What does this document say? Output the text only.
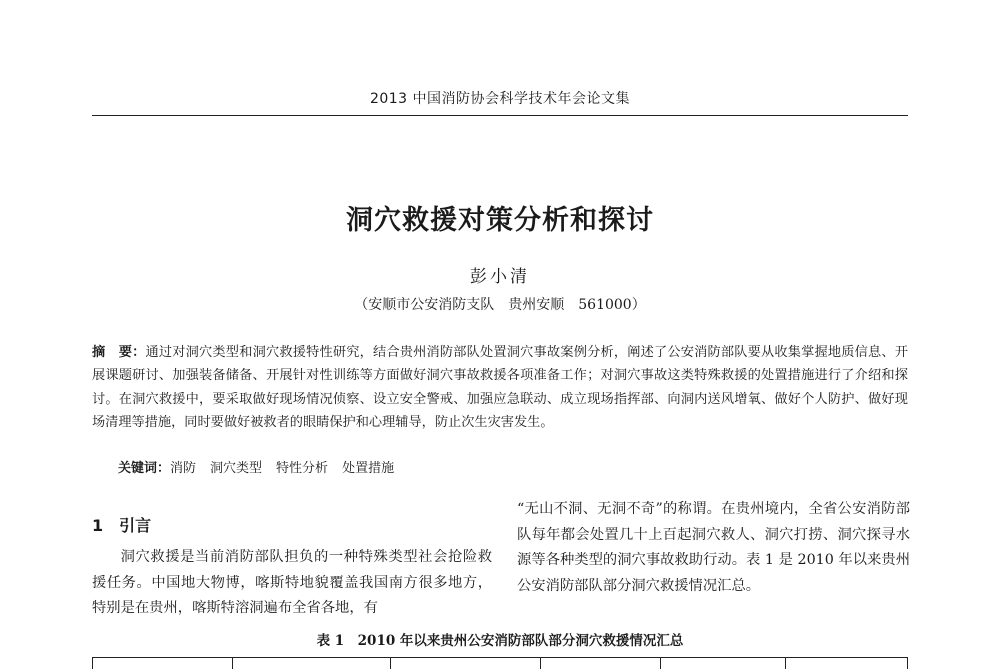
2013 中国消防协会科学技术年会论文集
洞穴救援对策分析和探讨
彭小清
（安顺市公安消防支队　贵州安顺　561000）
摘　要：通过对洞穴类型和洞穴救援特性研究，结合贵州消防部队处置洞穴事故案例分析，阐述了公安消防部队要从收集掌握地质信息、开展课题研讨、加强装备储备、开展针对性训练等方面做好洞穴事故救援各项准备工作；对洞穴事故这类特殊救援的处置措施进行了介绍和探讨。在洞穴救援中，要采取做好现场情况侦察、设立安全警戒、加强应急联动、成立现场指挥部、向洞内送风增氧、做好个人防护、做好现场清理等措施，同时要做好被救者的眼睛保护和心理辅导，防止次生灾害发生。
关键词：消防 洞穴类型 特性分析 处置措施
1 引言
洞穴救援是当前消防部队担负的一种特殊类型社会抢险救援任务。中国地大物博，喀斯特地貌覆盖我国南方很多地方，特别是在贵州，喀斯特溶洞遍布全省各地，有
“无山不洞、无洞不奇”的称谓。在贵州境内，全省公安消防部队每年都会处置几十上百起洞穴救人、洞穴打捞、洞穴探寻水源等各种类型的洞穴事故救助行动。表 1 是 2010 年以来贵州公安消防部队部分洞穴救援情况汇总。
表 1　2010 年以来贵州公安消防部队部分洞穴救援情况汇总
